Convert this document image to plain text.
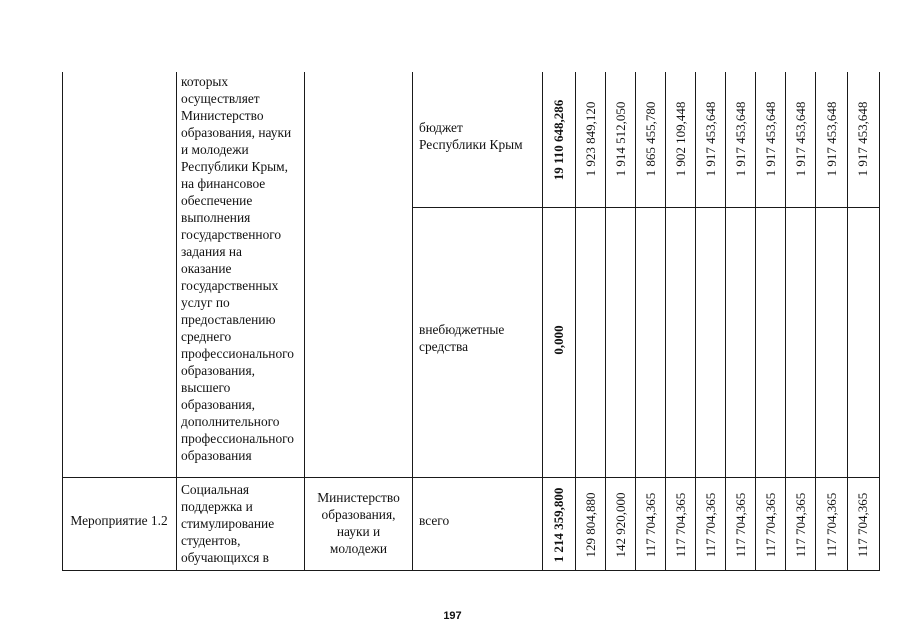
которых
осуществляет
Министерство
образования, науки
и молодежи
Республики Крым,
на финансовое
обеспечение
выполнения
государственного
задания на
оказание
государственных
услуг по
предоставлению
среднего
профессионального
образования,
высшего
образования,
дополнительного
профессионального
образования
бюджет
Республики Крым
внебюджетные
средства
19 110 648,286
0,000
1 923 849,120 1 914 512,050 1 865 455,780 1 902 109,448 1 917 453,648 1 917 453,648 1 917 453,648 1 917 453,648 1 917 453,648 1 917 453,648
Мероприятие 1.2
Социальная
поддержка и
стимулирование
студентов,
обучающихся в
Министерство
образования,
науки и
молодежи
всего	1 214 359,800 129 804,880 142 920,000 117 704,365 117 704,365 117 704,365 117 704,365 117 704,365 117 704,365 117 704,365 117 704,365
197
